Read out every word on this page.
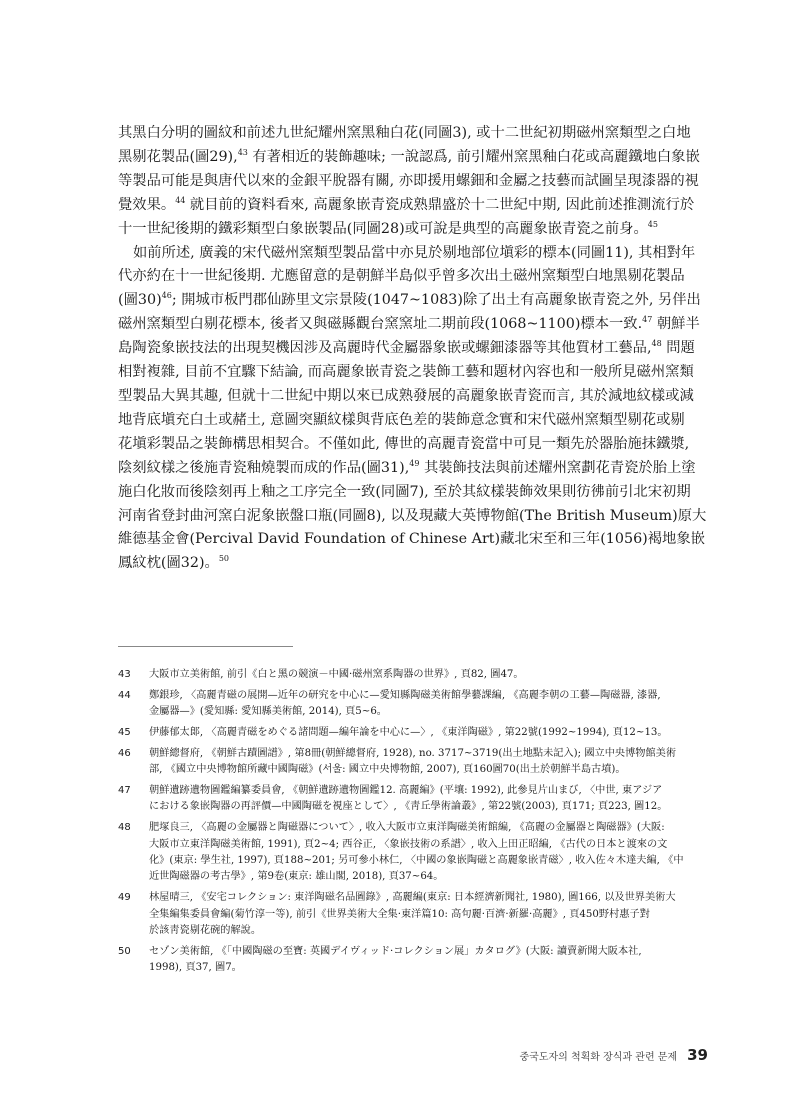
其黑白分明的圖紋和前述九世紀耀州窯黑釉白花(同圖3), 或十二世紀初期磁州窯類型之白地
黑剔花製品(圖29),$^{43}$ 有著相近的裝飾趣味; 一說認爲, 前引耀州窯黑釉白花或高麗鐵地白象嵌
等製品可能是與唐代以來的金銀平脫器有關, 亦即援用螺鈿和金屬之技藝而試圖呈現漆器的視
覺效果。$^{44}$ 就目前的資料看來, 高麗象嵌青瓷成熟鼎盛於十二世紀中期, 因此前述推測流行於
十一世紀後期的鐵彩類型白象嵌製品(同圖28)或可說是典型的高麗象嵌青瓷之前身。$^{45}$

如前所述, 廣義的宋代磁州窯類型製品當中亦見於剔地部位塡彩的標本(同圖11), 其相對年
代亦約在十一世紀後期. 尤應留意的是朝鮮半島似乎曾多次出土磁州窯類型白地黑剔花製品
(圖30)$^{46}$; 開城市板門郡仙跡里文宗景陵(1047~1083)除了出土有高麗象嵌青瓷之外, 另伴出
磁州窯類型白剔花標本, 後者又與磁縣觀台窯窯址二期前段(1068~1100)標本一致.$^{47}$ 朝鮮半
島陶瓷象嵌技法的出現契機因涉及高麗時代金屬器象嵌或螺鈿漆器等其他質材工藝品,$^{48}$ 問題
相對複雜, 目前不宜驟下結論, 而高麗象嵌青瓷之裝飾工藝和題材內容也和一般所見磁州窯類
型製品大異其趣, 但就十二世紀中期以來已成熟發展的高麗象嵌青瓷而言, 其於減地紋樣或減
地背底塡充白土或赭土, 意圖突顯紋樣與背底色差的裝飾意念實和宋代磁州窯類型剔花或剔
花塡彩製品之裝飾構思相契合。不僅如此, 傳世的高麗青瓷當中可見一類先於器胎施抹鐵漿,
陰刻紋樣之後施青瓷釉燒製而成的作品(圖31),$^{49}$ 其裝飾技法與前述耀州窯劃花青瓷於胎上塗
施白化妝而後陰刻再上釉之工序完全一致(同圖7), 至於其紋樣裝飾效果則彷彿前引北宋初期
河南省登封曲河窯白泥象嵌盤口瓶(同圖8), 以及現藏大英博物館(The British Museum)原大
維德基金會(Percival David Foundation of Chinese Art)藏北宋至和三年(1056)褐地象嵌
鳳紋枕(圖32)。$^{50}$

43 大阪市立美術館, 前引《白と黑の競演－中國·磁州窯系陶器の世界》, 頁82, 圖47。
44 鄭銀珍, 〈高麗青磁の展開—近年の研究を中心に—愛知縣陶磁美術館學藝課編, 《高麗李朝の工藝—陶磁器, 漆器,
金屬器—》(愛知縣: 愛知縣美術館, 2014), 頁5~6。
45 伊藤郁太郞, 〈高麗青磁をめぐる諸問題—編年論を中心に—〉, 《東洋陶磁》, 第22號(1992~1994), 頁12~13。
46 朝鮮總督府, 《朝鮮古蹟圖譜》, 第8冊(朝鮮總督府, 1928), no. 3717~3719(出土地點未記入); 國立中央博物館美術
部, 《國立中央博物館所藏中國陶磁》(서울: 國立中央博物館, 2007), 頁160圖70(出土於朝鮮半島古墳)。
47 朝鮮遺跡遺物圖鑑編纂委員會, 《朝鮮遺跡遺物圖鑑12. 高麗編》(平壤: 1992), 此參見片山まび, 〈中世, 東アジア
における象嵌陶器の再評價—中國陶磁を視座として〉, 《靑丘學術論叢》, 第22號(2003), 頁171; 頁223, 圖12。
48 肥塚良三, 〈高麗の金屬器と陶磁器について〉, 收入大阪市立東洋陶磁美術館編, 《高麗の金屬器と陶磁器》(大阪:
大阪市立東洋陶磁美術館, 1991), 頁2~4; 西谷正, 〈象嵌技術の系譜〉, 收入上田正昭編, 《古代の日本と渡來の文
化》(東京: 學生社, 1997), 頁188~201; 另可參小林仁, 〈中國の象嵌陶磁と高麗象嵌青磁〉, 收入佐々木達夫編, 《中
近世陶磁器の考古學》, 第9卷(東京: 雄山閣, 2018), 頁37~64。
49 林屋晴三, 《安宅コレクション: 東洋陶磁名品圖錄》, 高麗編(東京: 日本經濟新聞社, 1980), 圖166, 以及世界美術大
全集編集委員會編(菊竹淳一等), 前引《世界美術大全集·東洋篇10: 高句麗·百濟·新羅·高麗》, 頁450野村惠子對
於該靑瓷剔花碗的解說。
50 セゾン美術館, 《「中國陶磁の至寶: 英國デイヴィッド·コレクション展」カタログ》(大阪: 讀賣新聞大阪本社,
1998), 頁37, 圖7。
중국도자의 척획화 장식과 관련 문제 39
